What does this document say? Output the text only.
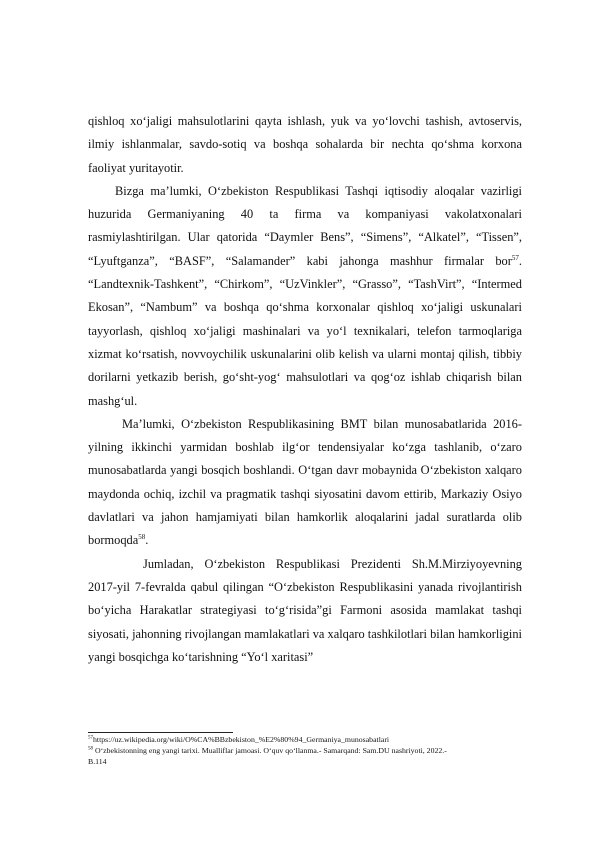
qishloq xo‘jaligi mahsulotlarini qayta ishlash, yuk va yo‘lovchi tashish, avtoservis, ilmiy ishlanmalar, savdo-sotiq va boshqa sohalarda bir nechta qo‘shma korxona faoliyat yuritayotir.

Bizga ma’lumki, O‘zbekiston Respublikasi Tashqi iqtisodiy aloqalar vazirligi huzurida Germaniyaning 40 ta firma va kompaniyasi vakolatxonalari rasmiylashtirilgan. Ular qatorida “Daymler Bens”, “Simens”, “Alkatel”, “Tissen”, “Lyuftganza”, “BASF”, “Salamander” kabi jahonga mashhur firmalar bor$^{57}$. “Landtexnik-Tashkent”, “Chirkom”, “UzVinkler”, “Grasso”, “TashVirt”, “Intermed Ekosan”, “Nambum” va boshqa qo‘shma korxonalar qishloq xo‘jaligi uskunalari tayyorlash, qishloq xo‘jaligi mashinalari va yo‘l texnikalari, telefon tarmoqlariga xizmat ko‘rsatish, novvoychilik uskunalarini olib kelish va ularni montaj qilish, tibbiy dorilarni yetkazib berish, go‘sht-yog‘ mahsulotlari va qog‘oz ishlab chiqarish bilan mashg‘ul.

Ma’lumki, O‘zbekiston Respublikasining BMT bilan munosabatlarida 2016-yilning ikkinchi yarmidan boshlab ilg‘or tendensiyalar ko‘zga tashlanib, o‘zaro munosabatlarda yangi bosqich boshlandi. O‘tgan davr mobaynida O‘zbekiston xalqaro maydonda ochiq, izchil va pragmatik tashqi siyosatini davom ettirib, Markaziy Osiyo davlatlari va jahon hamjamiyati bilan hamkorlik aloqalarini jadal suratlarda olib bormoqda$^{58}$.

Jumladan, O‘zbekiston Respublikasi Prezidenti Sh.M.Mirziyoyevning 2017-yil 7-fevralda qabul qilingan “O‘zbekiston Respublikasini yanada rivojlantirish bo‘yicha Harakatlar strategiyasi to‘g‘risida”gi Farmoni asosida mamlakat tashqi siyosati, jahonning rivojlangan mamlakatlari va xalqaro tashkilotlari bilan hamkorligini yangi bosqichga ko‘tarishning “Yo‘l xaritasi”

$^{57}$https://uz.wikipedia.org/wiki/O%CA%BBzbekiston_%E2%80%94_Germaniya_munosabatlari

$^{58}$ O‘zbekistonning eng yangi tarixi. Mualliflar jamoasi. O‘quv qo‘llanma.- Samarqand: Sam.DU nashriyoti, 2022.-

B.114
